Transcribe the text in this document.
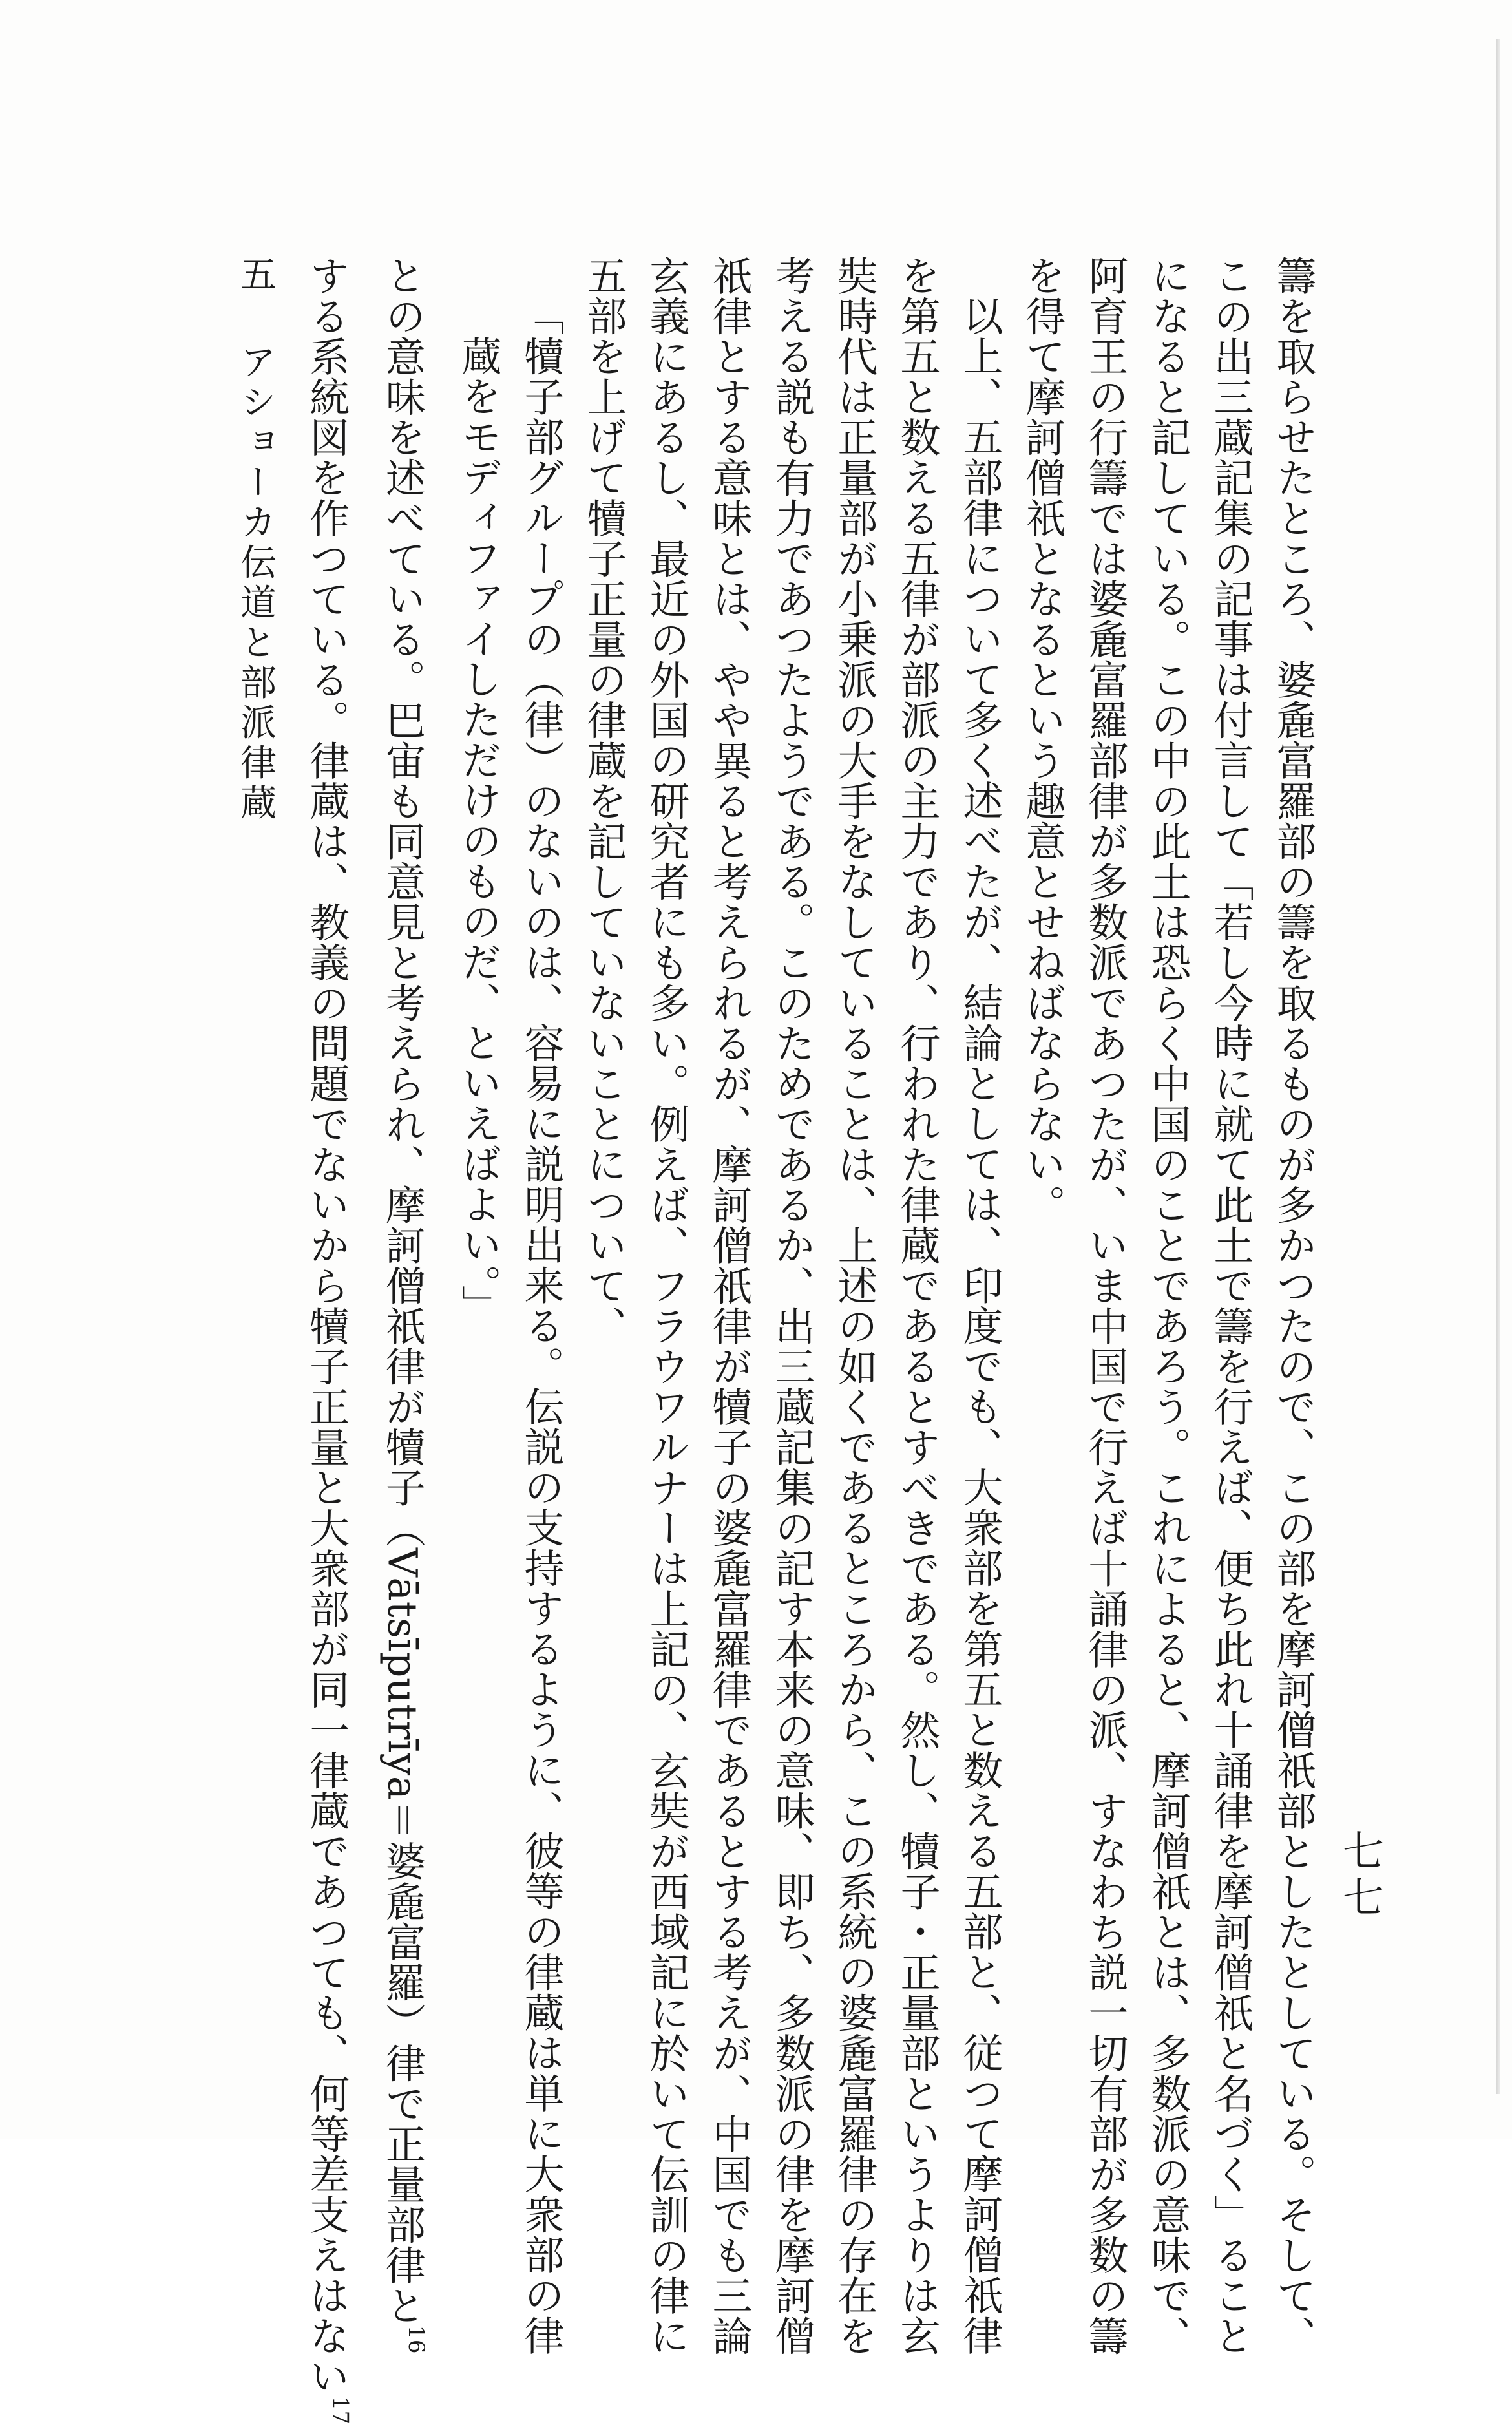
籌を取らせたところ、婆麁富羅部の籌を取るものが多かつたので、この部を摩訶僧祇部としたとしている。そして、
この出三蔵記集の記事は付言して「若し今時に就て此土で籌を行えば、便ち此れ十誦律を摩訶僧祇と名づく」ること
になると記している。この中の此土は恐らく中国のことであろう。これによると、摩訶僧祇とは、多数派の意味で、
阿育王の行籌では婆麁富羅部律が多数派であつたが、いま中国で行えば十誦律の派、すなわち説一切有部が多数の籌
を得て摩訶僧祇となるという趣意とせねばならない。
以上、五部律について多く述べたが、結論としては、印度でも、大衆部を第五と数える五部と、従つて摩訶僧祇律
を第五と数える五律が部派の主力であり、行われた律蔵であるとすべきである。然し、犢子・正量部というよりは玄
奘時代は正量部が小乗派の大手をなしていることは、上述の如くであるところから、この系統の婆麁富羅律の存在を
考える説も有力であつたようである。このためであるか、出三蔵記集の記す本来の意味、即ち、多数派の律を摩訶僧
祇律とする意味とは、やや異ると考えられるが、摩訶僧祇律が犢子の婆麁富羅律であるとする考えが、中国でも三論
玄義にあるし、最近の外国の研究者にも多い。例えば、フラウワルナーは上記の、玄奘が西域記に於いて伝訓の律に
五部を上げて犢子正量の律蔵を記していないことについて、
「犢子部グループの（律）のないのは、容易に説明出来る。伝説の支持するように、彼等の律蔵は単に大衆部の律
蔵をモディファイしただけのものだ、といえばよい。」
との意味を述べている。巴宙も同意見と考えられ、摩訶僧祇律が犢子（Vātsīputrīya＝婆麁富羅）律で正量部律と$^{16}$
する系統図を作つている。律蔵は、教義の問題でないから犢子正量と大衆部が同一律蔵であつても、何等差支えはない$^{17}$
七七
五 アショーカ伝道と部派律蔵
